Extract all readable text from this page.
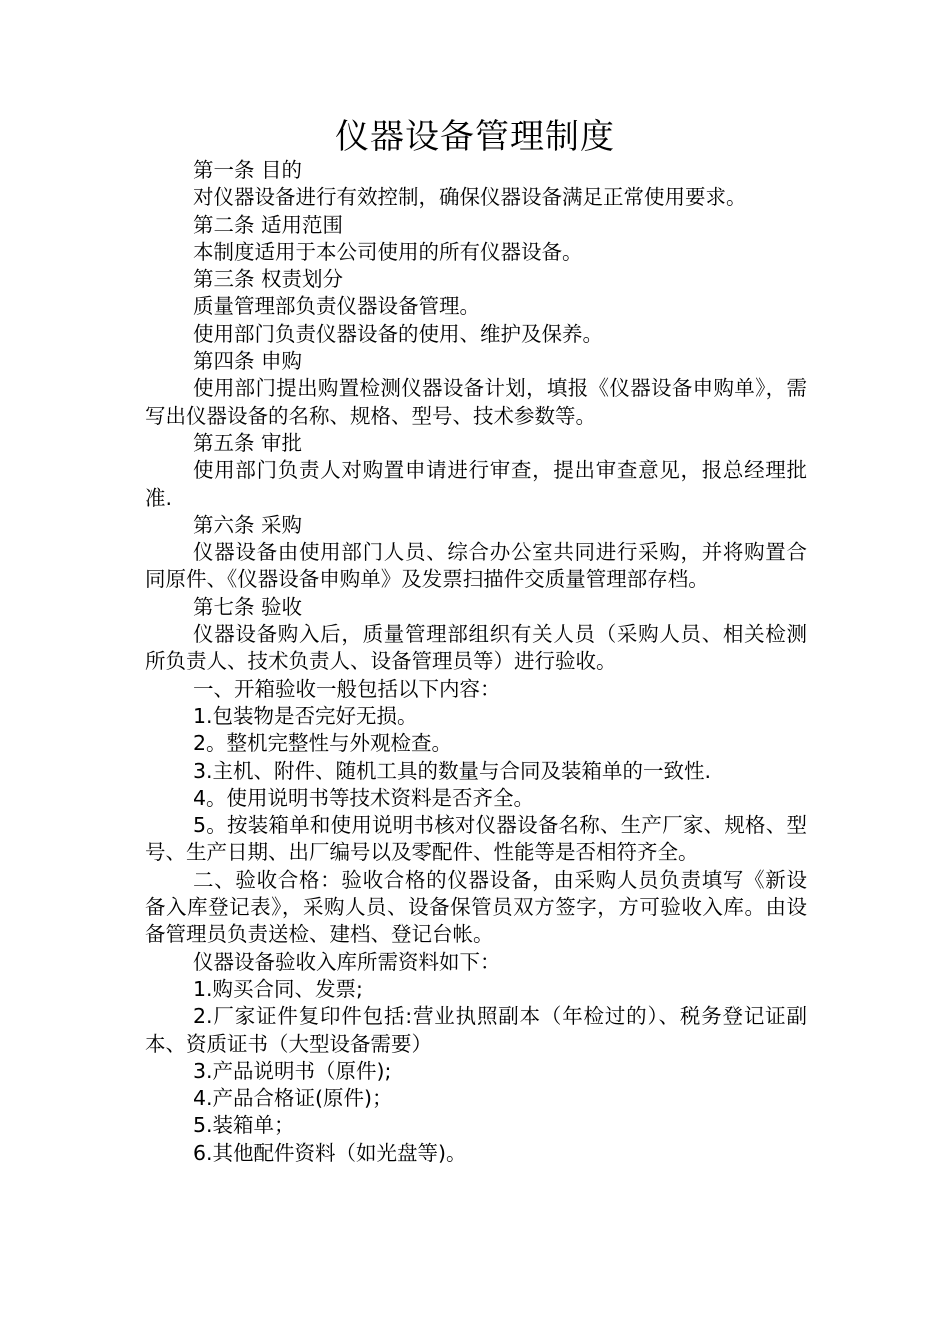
仪器设备管理制度

第一条 目的

对仪器设备进行有效控制，确保仪器设备满足正常使用要求。

第二条 适用范围

本制度适用于本公司使用的所有仪器设备。

第三条 权责划分

质量管理部负责仪器设备管理。

使用部门负责仪器设备的使用、维护及保养。

第四条 申购

使用部门提出购置检测仪器设备计划，填报《仪器设备申购单》，需写出仪器设备的名称、规格、型号、技术参数等。

第五条 审批

使用部门负责人对购置申请进行审查，提出审查意见，报总经理批准.

第六条 采购

仪器设备由使用部门人员、综合办公室共同进行采购，并将购置合同原件、《仪器设备申购单》及发票扫描件交质量管理部存档。

第七条 验收

仪器设备购入后，质量管理部组织有关人员（采购人员、相关检测所负责人、技术负责人、设备管理员等）进行验收。

一、开箱验收一般包括以下内容：

1.包装物是否完好无损。

2。整机完整性与外观检查。

3.主机、附件、随机工具的数量与合同及装箱单的一致性.

4。使用说明书等技术资料是否齐全。

5。按装箱单和使用说明书核对仪器设备名称、生产厂家、规格、型号、生产日期、出厂编号以及零配件、性能等是否相符齐全。

二、验收合格：验收合格的仪器设备，由采购人员负责填写《新设备入库登记表》，采购人员、设备保管员双方签字，方可验收入库。由设备管理员负责送检、建档、登记台帐。

仪器设备验收入库所需资料如下：

1.购买合同、发票;

2.厂家证件复印件包括:营业执照副本（年检过的）、税务登记证副本、资质证书（大型设备需要）

3.产品说明书（原件);

4.产品合格证(原件)；

5.装箱单；

6.其他配件资料（如光盘等)。
